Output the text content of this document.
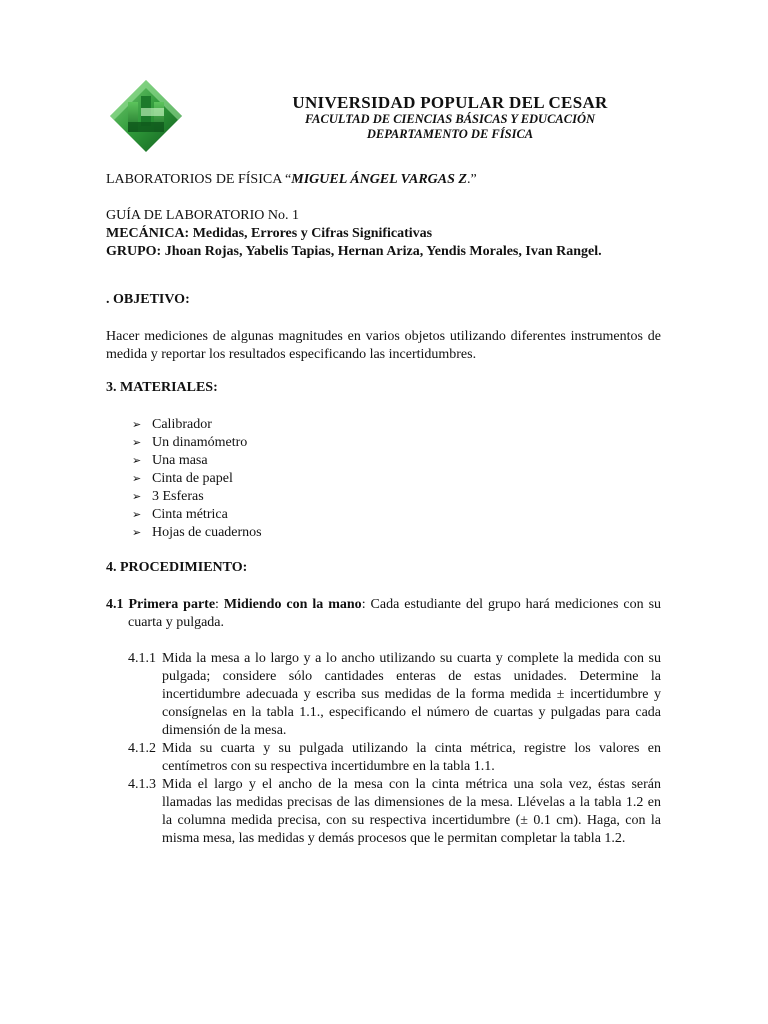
UNIVERSIDAD POPULAR DEL CESAR
FACULTAD DE CIENCIAS BÁSICAS Y EDUCACIÓN
DEPARTAMENTO DE FÍSICA
LABORATORIOS DE FÍSICA “MIGUEL ÁNGEL VARGAS Z.”
GUÍA DE LABORATORIO No. 1
MECÁNICA: Medidas, Errores y Cifras Significativas
GRUPO: Jhoan Rojas, Yabelis Tapias, Hernan Ariza, Yendis Morales, Ivan Rangel.
. OBJETIVO:
Hacer mediciones de algunas magnitudes en varios objetos utilizando diferentes instrumentos de medida y reportar los resultados especificando las incertidumbres.
3. MATERIALES:
➢ Calibrador
➢ Un dinamómetro
➢ Una masa
➢ Cinta de papel
➢ 3 Esferas
➢ Cinta métrica
➢ Hojas de cuadernos
4. PROCEDIMIENTO:
4.1 Primera parte: Midiendo con la mano: Cada estudiante del grupo hará mediciones con su cuarta y pulgada.
4.1.1 Mida la mesa a lo largo y a lo ancho utilizando su cuarta y complete la medida con su pulgada; considere sólo cantidades enteras de estas unidades. Determine la incertidumbre adecuada y escriba sus medidas de la forma medida ± incertidumbre y consígnelas en la tabla 1.1., especificando el número de cuartas y pulgadas para cada dimensión de la mesa.
4.1.2 Mida su cuarta y su pulgada utilizando la cinta métrica, registre los valores en centímetros con su respectiva incertidumbre en la tabla 1.1.
4.1.3 Mida el largo y el ancho de la mesa con la cinta métrica una sola vez, éstas serán llamadas las medidas precisas de las dimensiones de la mesa. Llévelas a la tabla 1.2 en la columna medida precisa, con su respectiva incertidumbre (± 0.1 cm). Haga, con la misma mesa, las medidas y demás procesos que le permitan completar la tabla 1.2.
